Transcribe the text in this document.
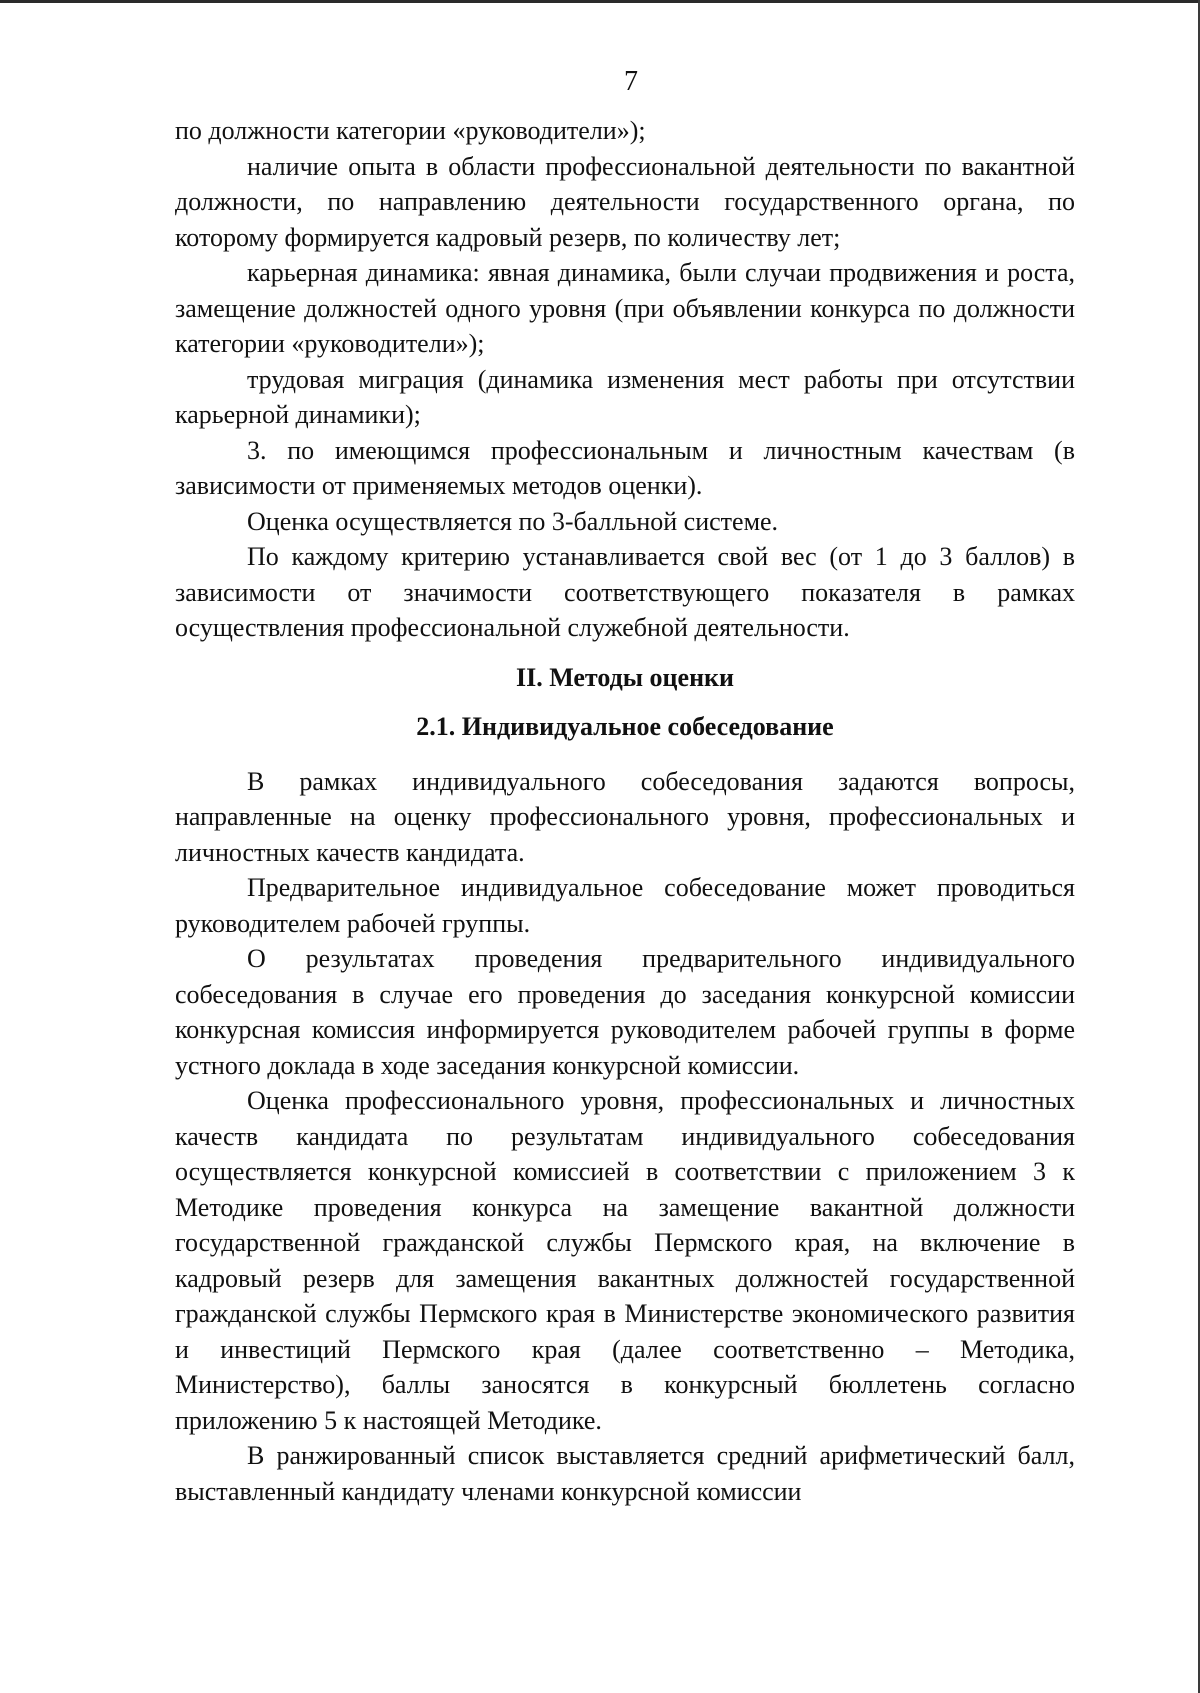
7

по должности категории «руководители»);

наличие опыта в области профессиональной деятельности по вакантной должности, по направлению деятельности государственного органа, по которому формируется кадровый резерв, по количеству лет;

карьерная динамика: явная динамика, были случаи продвижения и роста, замещение должностей одного уровня (при объявлении конкурса по должности категории «руководители»);

трудовая миграция (динамика изменения мест работы при отсутствии карьерной динамики);

3. по имеющимся профессиональным и личностным качествам (в зависимости от применяемых методов оценки).

Оценка осуществляется по 3-балльной системе.

По каждому критерию устанавливается свой вес (от 1 до 3 баллов) в зависимости от значимости соответствующего показателя в рамках осуществления профессиональной служебной деятельности.

II. Методы оценки

2.1. Индивидуальное собеседование

В рамках индивидуального собеседования задаются вопросы, направленные на оценку профессионального уровня, профессиональных и личностных качеств кандидата.

Предварительное индивидуальное собеседование может проводиться руководителем рабочей группы.

О результатах проведения предварительного индивидуального собеседования в случае его проведения до заседания конкурсной комиссии конкурсная комиссия информируется руководителем рабочей группы в форме устного доклада в ходе заседания конкурсной комиссии.

Оценка профессионального уровня, профессиональных и личностных качеств кандидата по результатам индивидуального собеседования осуществляется конкурсной комиссией в соответствии с приложением 3 к Методике проведения конкурса на замещение вакантной должности государственной гражданской службы Пермского края, на включение в кадровый резерв для замещения вакантных должностей государственной гражданской службы Пермского края в Министерстве экономического развития и инвестиций Пермского края (далее соответственно – Методика, Министерство), баллы заносятся в конкурсный бюллетень согласно приложению 5 к настоящей Методике.

В ранжированный список выставляется средний арифметический балл, выставленный кандидату членами конкурсной комиссии
